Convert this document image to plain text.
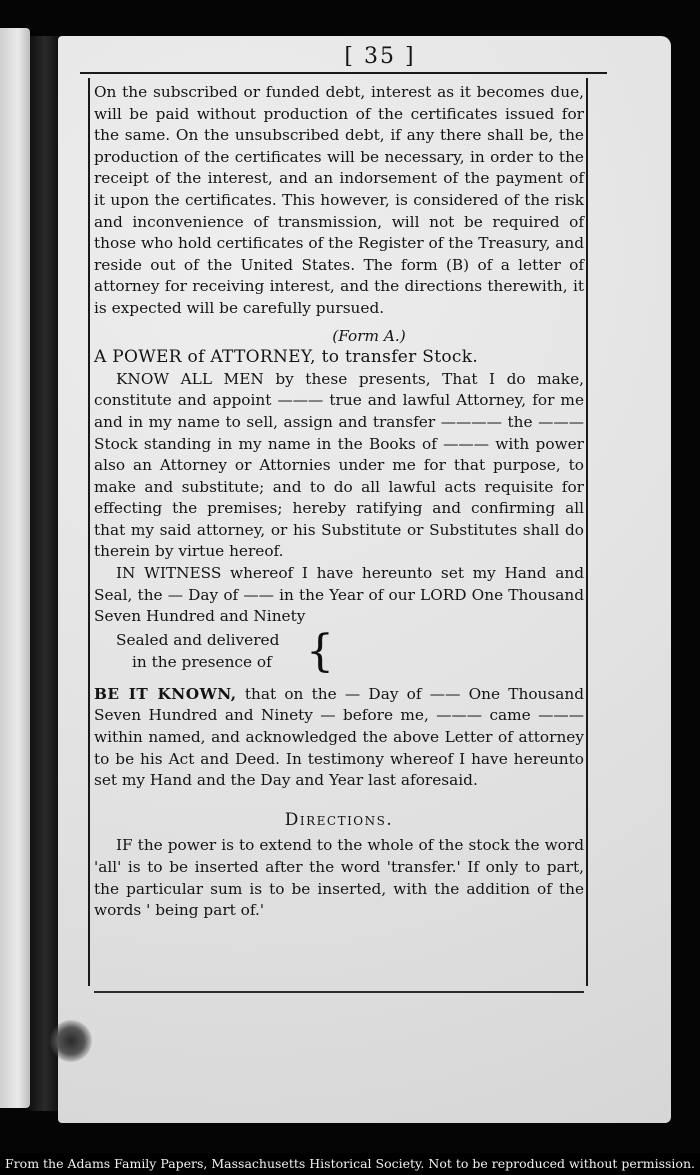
[ 35 ]

On the subscribed or funded debt, interest as it becomes due, will be paid without production of the certificates issued for the same. On the unsubscribed debt, if any there shall be, the production of the certificates will be necessary, in order to the receipt of the interest, and an indorsement of the payment of it upon the certificates. This however, is considered of the risk and inconvenience of transmission, will not be required of those who hold certificates of the Register of the Treasury, and reside out of the United States. The form (B) of a letter of attorney for receiving interest, and the directions therewith, it is expected will be carefully pursued.

(Form A.)

A POWER of ATTORNEY, to transfer Stock.

KNOW ALL MEN by these presents, That I do make, constitute and appoint ——— true and lawful Attorney, for me and in my name to sell, assign and transfer ———— the ——— Stock standing in my name in the Books of ——— with power also an Attorney or Attornies under me for that purpose, to make and substitute; and to do all lawful acts requisite for effecting the premises; hereby ratifying and confirming all that my said attorney, or his Substitute or Substitutes shall do therein by virtue hereof.

IN WITNESS whereof I have hereunto set my Hand and Seal, the — Day of —— in the Year of our LORD One Thousand Seven Hundred and Ninety

Sealed and delivered
in the presence of {

BE IT KNOWN, that on the — Day of —— One Thousand Seven Hundred and Ninety — before me, ——— came ——— within named, and acknowledged the above Letter of attorney to be his Act and Deed. In testimony whereof I have hereunto set my Hand and the Day and Year last aforesaid.

Directions.

IF the power is to extend to the whole of the stock the word 'all' is to be inserted after the word 'transfer.' If only to part, the particular sum is to be inserted, with the addition of the words ' being part of.'

From the Adams Family Papers, Massachusetts Historical Society. Not to be reproduced without permission.
